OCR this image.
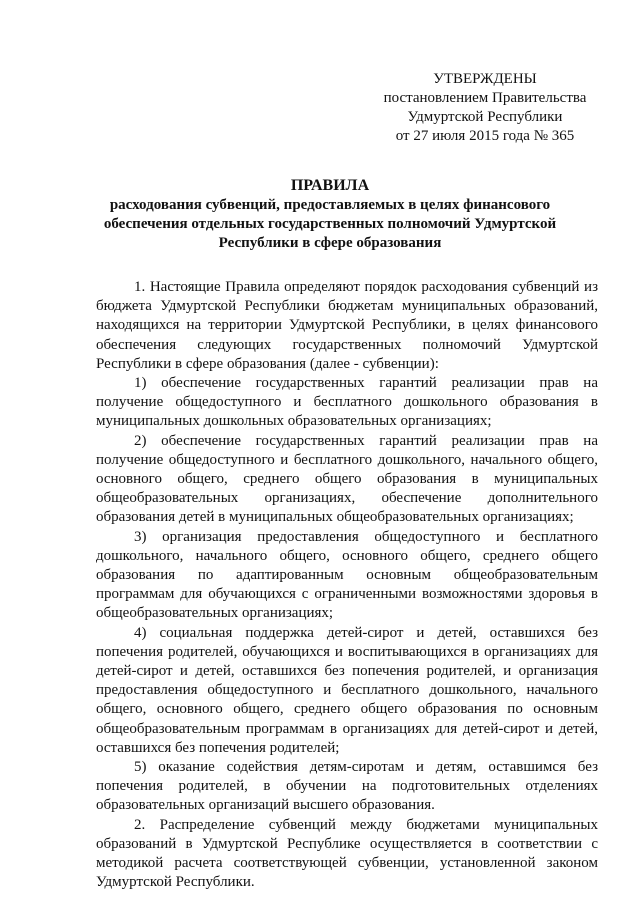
УТВЕРЖДЕНЫ
постановлением Правительства
Удмуртской Республики
от 27 июля 2015 года № 365
ПРАВИЛА
расходования субвенций, предоставляемых в целях финансового обеспечения отдельных государственных полномочий Удмуртской Республики в сфере образования

1. Настоящие Правила определяют порядок расходования субвенций из бюджета Удмуртской Республики бюджетам муниципальных образований, находящихся на территории Удмуртской Республики, в целях финансового обеспечения следующих государственных полномочий Удмуртской Республики в сфере образования (далее - субвенции):

1) обеспечение государственных гарантий реализации прав на получение общедоступного и бесплатного дошкольного образования в муниципальных дошкольных образовательных организациях;

2) обеспечение государственных гарантий реализации прав на получение общедоступного и бесплатного дошкольного, начального общего, основного общего, среднего общего образования в муниципальных общеобразовательных организациях, обеспечение дополнительного образования детей в муниципальных общеобразовательных организациях;

3) организация предоставления общедоступного и бесплатного дошкольного, начального общего, основного общего, среднего общего образования по адаптированным основным общеобразовательным программам для обучающихся с ограниченными возможностями здоровья в общеобразовательных организациях;

4) социальная поддержка детей-сирот и детей, оставшихся без попечения родителей, обучающихся и воспитывающихся в организациях для детей-сирот и детей, оставшихся без попечения родителей, и организация предоставления общедоступного и бесплатного дошкольного, начального общего, основного общего, среднего общего образования по основным общеобразовательным программам в организациях для детей-сирот и детей, оставшихся без попечения родителей;

5) оказание содействия детям-сиротам и детям, оставшимся без попечения родителей, в обучении на подготовительных отделениях образовательных организаций высшего образования.

2. Распределение субвенций между бюджетами муниципальных образований в Удмуртской Республике осуществляется в соответствии с методикой расчета соответствующей субвенции, установленной законом Удмуртской Республики.
